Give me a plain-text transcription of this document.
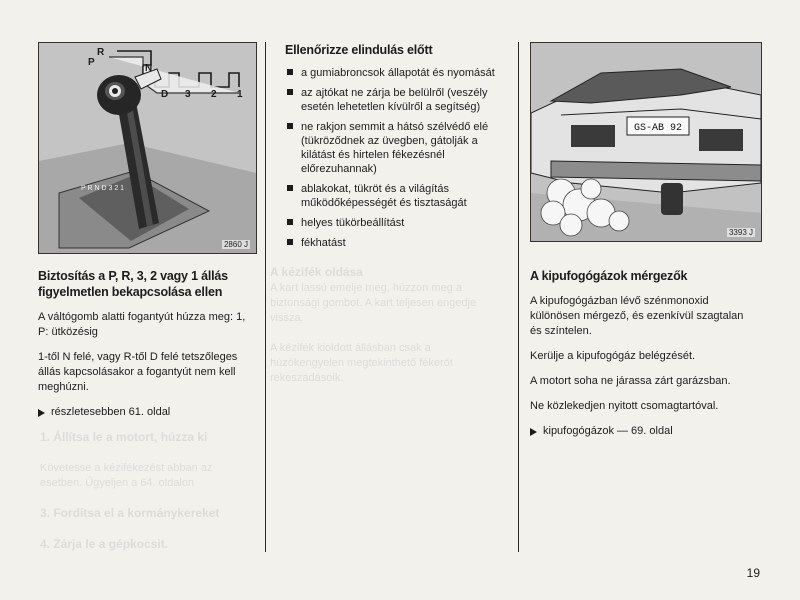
A kézifék oldása
A kart lassú emelje meg, húzzon meg a
biztonsági gombot. A kart teljesen engedje
vissza.

A kézifék kioldott állásban csak a
húzókengyelen megtekinthető fékerőt
rekeszadásoik.
1. Állítsa le a motort, húzza ki

Követesse a kézifékezést abban az
esetben. Ügyeljen a 64. oldalon

3. Fordítsa el a kormánykereket

4. Zárja le a gépkocsit.
P R N D 3 2 1
R
P
N
D 3 2 1
2860 J
GS-AB 92
3393 J
Biztosítás a P, R, 3, 2 vagy 1 állás figyelmetlen bekapcsolása ellen

A váltógomb alatti fogantyút húzza meg: 1, P: ütközésig

1-től N felé, vagy R-től D felé tetszőleges állás kapcsolásakor a fogantyút nem kell meghúzni.

részletesebben 61. oldal
Ellenőrizze elindulás előtt
a gumiabroncsok állapotát és nyomását
az ajtókat ne zárja be belülről (veszély esetén lehetetlen kívülről a segítség)
ne rakjon semmit a hátsó szélvédő elé (tükröződnek az üvegben, gátolják a kilátást és hirtelen fékezésnél előrezuhannak)
ablakokat, tükröt és a világítás működőképességét és tisztaságát
helyes tükörbeállítást
fékhatást
A kipufogógázok mérgezők

A kipufogógázban lévő szénmonoxid különösen mérgező, és ezenkívül szagtalan és színtelen.

Kerülje a kipufogógáz belégzését.

A motort soha ne járassa zárt garázsban.

Ne közlekedjen nyitott csomagtartóval.

kipufogógázok — 69. oldal
19
